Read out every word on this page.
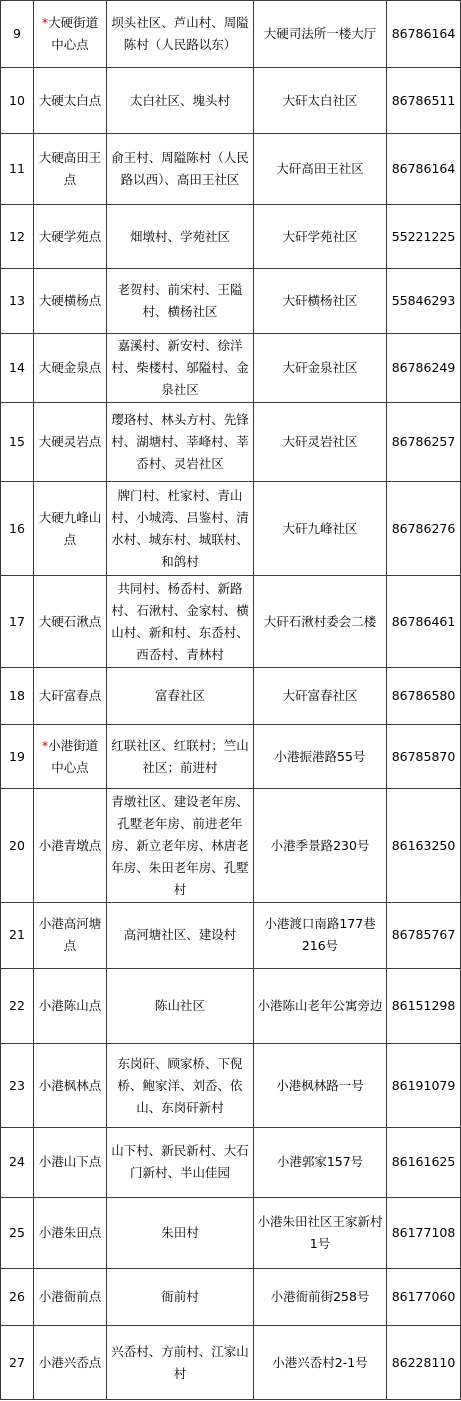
9	*大硬街道中心点	坝头社区、芦山村、周隘陈村（人民路以东）	大硬司法所一楼大厅	86786164
10	大硬太白点	太白社区、塊头村	大矸太白社区	86786511
11	大硬高田王点	俞王村、周隘陈村（人民路以西）、高田王社区	大矸高田王社区	86786164
12	大硬学苑点	畑墩村、学苑社区	大矸学苑社区	55221225
13	大硬横杨点	老贺村、前宋村、王隘村、横杨社区	大矸横杨社区	55846293
14	大硬金泉点	嘉溪村、新安村、徐洋村、柴楼村、邬隘村、金泉社区	大矸金泉社区	86786249
15	大硬灵岩点	璎珞村、林头方村、先锋村、湖塘村、莘峰村、莘岙村、灵岩社区	大矸灵岩社区	86786257
16	大硬九峰山点	牌门村、杜家村、青山村、小城湾、吕鉴村、清水村、城东村、城联村、和鸽村	大矸九峰社区	86786276
17	大硬石湫点	共同村、杨岙村、新路村、石湫村、金家村、横山村、新和村、东岙村、西岙村、青林村	大矸石湫村委会二楼	86786461
18	大矸富春点	富春社区	大矸富春社区	86786580
19	*小港街道中心点	红联社区、红联村；竺山社区；前进村	小港振港路55号	86785870
20	小港青墩点	青墩社区、建设老年房、孔墅老年房、前进老年房、新立老年房、林唐老年房、朱田老年房、孔墅村	小港季景路230号	86163250
21	小港高河塘点	高河塘社区、建设村	小港渡口南路177巷216号	86785767
22	小港陈山点	陈山社区	小港陈山老年公寓旁边	86151298
23	小港枫林点	东岗矸、顾家桥、下倪桥、鲍家洋、刘岙、依山、东岗矸新村	小港枫林路一号	86191079
24	小港山下点	山下村、新民新村、大石门新村、半山佳园	小港郭家157号	86161625
25	小港朱田点	朱田村	小港朱田社区王家新村1号	86177108
26	小港衙前点	衙前村	小港衙前街258号	86177060
27	小港兴岙点	兴岙村、方前村、江家山村	小港兴岙村2-1号	86228110
